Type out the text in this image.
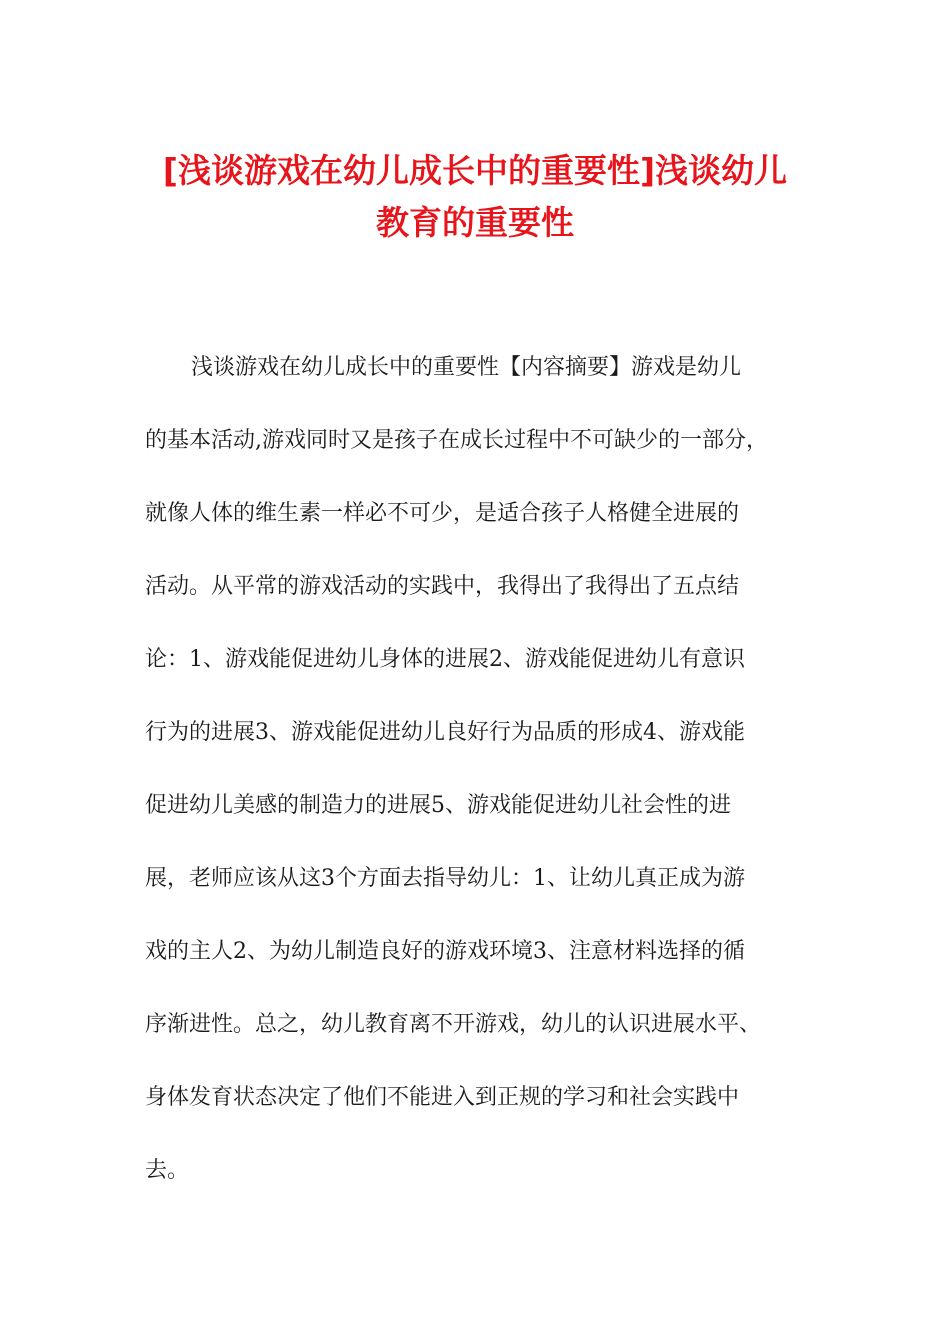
[浅谈游戏在幼儿成长中的重要性]浅谈幼儿
教育的重要性
浅谈游戏在幼儿成长中的重要性【内容摘要】游戏是幼儿
的基本活动,游戏同时又是孩子在成长过程中不可缺少的一部分，
就像人体的维生素一样必不可少，是适合孩子人格健全进展的
活动。从平常的游戏活动的实践中，我得出了我得出了五点结
论：1、游戏能促进幼儿身体的进展2、游戏能促进幼儿有意识
行为的进展3、游戏能促进幼儿良好行为品质的形成4、游戏能
促进幼儿美感的制造力的进展5、游戏能促进幼儿社会性的进
展，老师应该从这3个方面去指导幼儿：1、让幼儿真正成为游
戏的主人2、为幼儿制造良好的游戏环境3、注意材料选择的循
序渐进性。总之，幼儿教育离不开游戏，幼儿的认识进展水平、
身体发育状态决定了他们不能进入到正规的学习和社会实践中
去。
